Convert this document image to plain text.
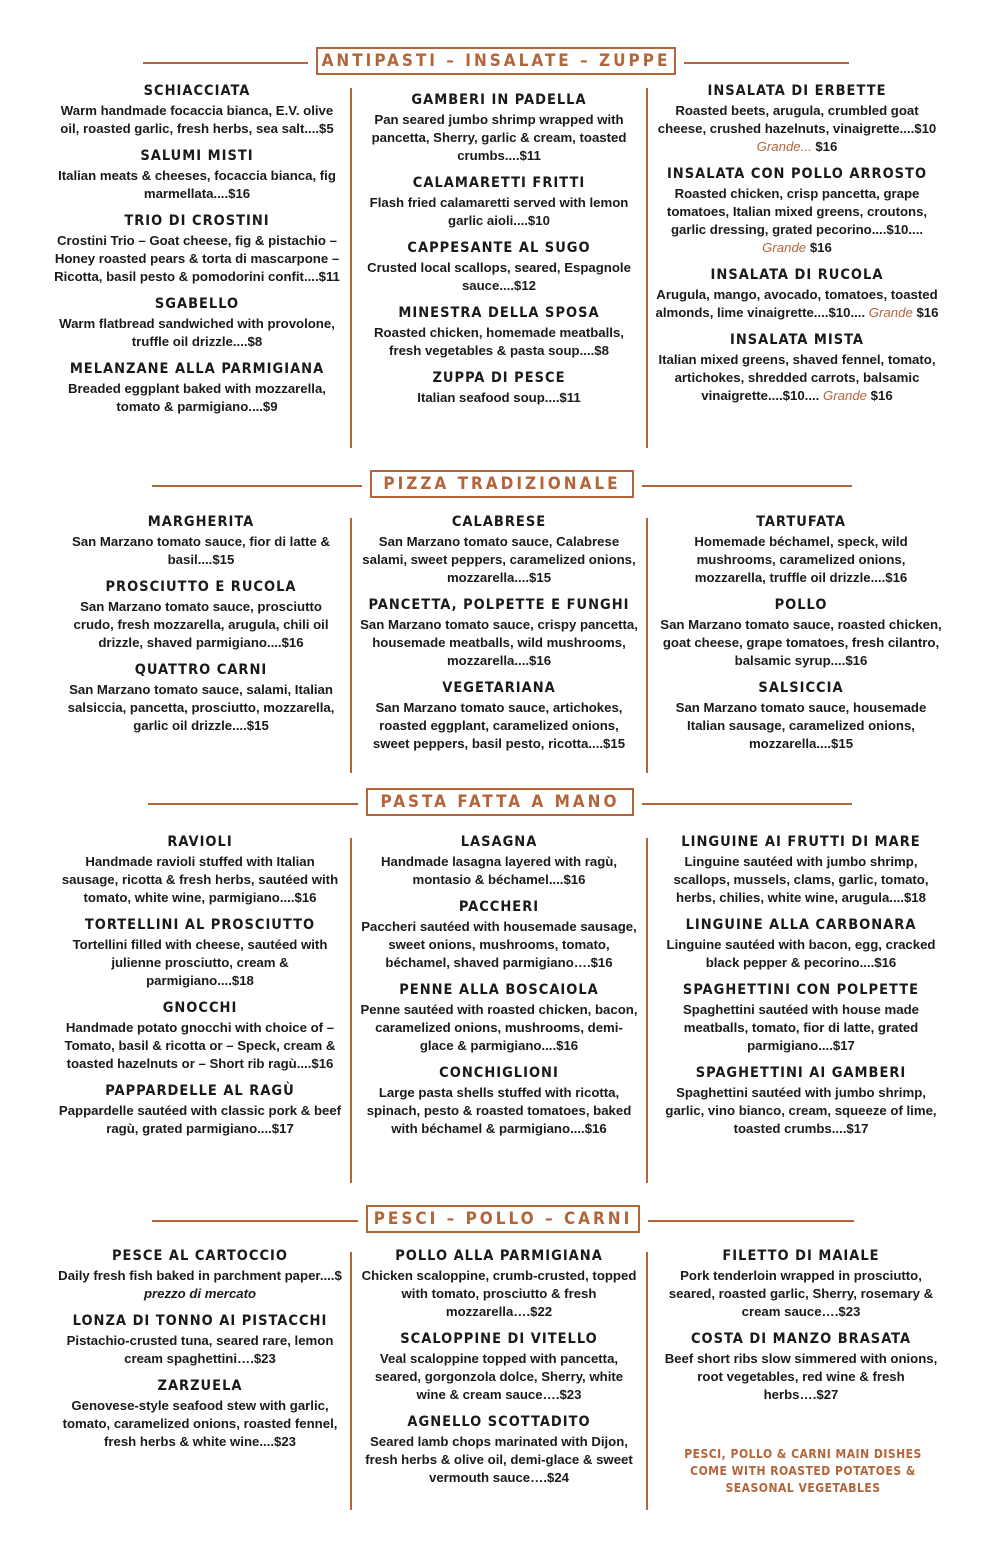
ANTIPASTI – INSALATE – ZUPPE
SCHIACCIATA
Warm handmade focaccia bianca, E.V. olive oil, roasted garlic, fresh herbs, sea salt....$5
SALUMI MISTI
Italian meats & cheeses, focaccia bianca, fig marmellata....$16
TRIO DI CROSTINI
Crostini Trio – Goat cheese, fig & pistachio – Honey roasted pears & torta di mascarpone – Ricotta, basil pesto & pomodorini confit....$11
SGABELLO
Warm flatbread sandwiched with provolone, truffle oil drizzle....$8
MELANZANE ALLA PARMIGIANA
Breaded eggplant baked with mozzarella, tomato & parmigiano....$9
GAMBERI IN PADELLA
Pan seared jumbo shrimp wrapped with pancetta, Sherry, garlic & cream, toasted crumbs....$11
CALAMARETTI FRITTI
Flash fried calamaretti served with lemon garlic aioli....$10
CAPPESANTE AL SUGO
Crusted local scallops, seared, Espagnole sauce....$12
MINESTRA DELLA SPOSA
Roasted chicken, homemade meatballs, fresh vegetables & pasta soup....$8
ZUPPA DI PESCE
Italian seafood soup....$11
INSALATA DI ERBETTE
Roasted beets, arugula, crumbled goat cheese, crushed hazelnuts, vinaigrette....$10 Grande... $16
INSALATA CON POLLO ARROSTO
Roasted chicken, crisp pancetta, grape tomatoes, Italian mixed greens, croutons, garlic dressing, grated pecorino....$10.... Grande $16
INSALATA DI RUCOLA
Arugula, mango, avocado, tomatoes, toasted almonds, lime vinaigrette....$10.... Grande $16
INSALATA MISTA
Italian mixed greens, shaved fennel, tomato, artichokes, shredded carrots, balsamic vinaigrette....$10.... Grande $16
PIZZA TRADIZIONALE
MARGHERITA
San Marzano tomato sauce, fior di latte & basil....$15
PROSCIUTTO E RUCOLA
San Marzano tomato sauce, prosciutto crudo, fresh mozzarella, arugula, chili oil drizzle, shaved parmigiano....$16
QUATTRO CARNI
San Marzano tomato sauce, salami, Italian salsiccia, pancetta, prosciutto, mozzarella, garlic oil drizzle....$15
CALABRESE
San Marzano tomato sauce, Calabrese salami, sweet peppers, caramelized onions, mozzarella....$15
PANCETTA, POLPETTE E FUNGHI
San Marzano tomato sauce, crispy pancetta, housemade meatballs, wild mushrooms, mozzarella....$16
VEGETARIANA
San Marzano tomato sauce, artichokes, roasted eggplant, caramelized onions, sweet peppers, basil pesto, ricotta....$15
TARTUFATA
Homemade béchamel, speck, wild mushrooms, caramelized onions, mozzarella, truffle oil drizzle....$16
POLLO
San Marzano tomato sauce, roasted chicken, goat cheese, grape tomatoes, fresh cilantro, balsamic syrup....$16
SALSICCIA
San Marzano tomato sauce, housemade Italian sausage, caramelized onions, mozzarella....$15
PASTA FATTA A MANO
RAVIOLI
Handmade ravioli stuffed with Italian sausage, ricotta & fresh herbs, sautéed with tomato, white wine, parmigiano....$16
TORTELLINI AL PROSCIUTTO
Tortellini filled with cheese, sautéed with julienne prosciutto, cream & parmigiano....$18
GNOCCHI
Handmade potato gnocchi with choice of – Tomato, basil & ricotta or – Speck, cream & toasted hazelnuts or – Short rib ragù....$16
PAPPARDELLE AL RAGÙ
Pappardelle sautéed with classic pork & beef ragù, grated parmigiano....$17
LASAGNA
Handmade lasagna layered with ragù, montasio & béchamel....$16
PACCHERI
Paccheri sautéed with housemade sausage, sweet onions, mushrooms, tomato, béchamel, shaved parmigiano….$16
PENNE ALLA BOSCAIOLA
Penne sautéed with roasted chicken, bacon, caramelized onions, mushrooms, demi-glace & parmigiano....$16
CONCHIGLIONI
Large pasta shells stuffed with ricotta, spinach, pesto & roasted tomatoes, baked with béchamel & parmigiano....$16
LINGUINE AI FRUTTI DI MARE
Linguine sautéed with jumbo shrimp, scallops, mussels, clams, garlic, tomato, herbs, chilies, white wine, arugula....$18
LINGUINE ALLA CARBONARA
Linguine sautéed with bacon, egg, cracked black pepper & pecorino....$16
SPAGHETTINI CON POLPETTE
Spaghettini sautéed with house made meatballs, tomato, fior di latte, grated parmigiano....$17
SPAGHETTINI AI GAMBERI
Spaghettini sautéed with jumbo shrimp, garlic, vino bianco, cream, squeeze of lime, toasted crumbs....$17
PESCI – POLLO – CARNI
PESCE AL CARTOCCIO
Daily fresh fish baked in parchment paper....$ prezzo di mercato
LONZA DI TONNO AI PISTACCHI
Pistachio-crusted tuna, seared rare, lemon cream spaghettini….$23
ZARZUELA
Genovese-style seafood stew with garlic, tomato, caramelized onions, roasted fennel, fresh herbs & white wine....$23
POLLO ALLA PARMIGIANA
Chicken scaloppine, crumb-crusted, topped with tomato, prosciutto & fresh mozzarella….$22
SCALOPPINE DI VITELLO
Veal scaloppine topped with pancetta, seared, gorgonzola dolce, Sherry, white wine & cream sauce….$23
AGNELLO SCOTTADITO
Seared lamb chops marinated with Dijon, fresh herbs & olive oil, demi-glace & sweet vermouth sauce….$24
FILETTO DI MAIALE
Pork tenderloin wrapped in prosciutto, seared, roasted garlic, Sherry, rosemary & cream sauce….$23
COSTA DI MANZO BRASATA
Beef short ribs slow simmered with onions, root vegetables, red wine & fresh herbs….$27
PESCI, POLLO & CARNI MAIN DISHES COME WITH ROASTED POTATOES & SEASONAL VEGETABLES
